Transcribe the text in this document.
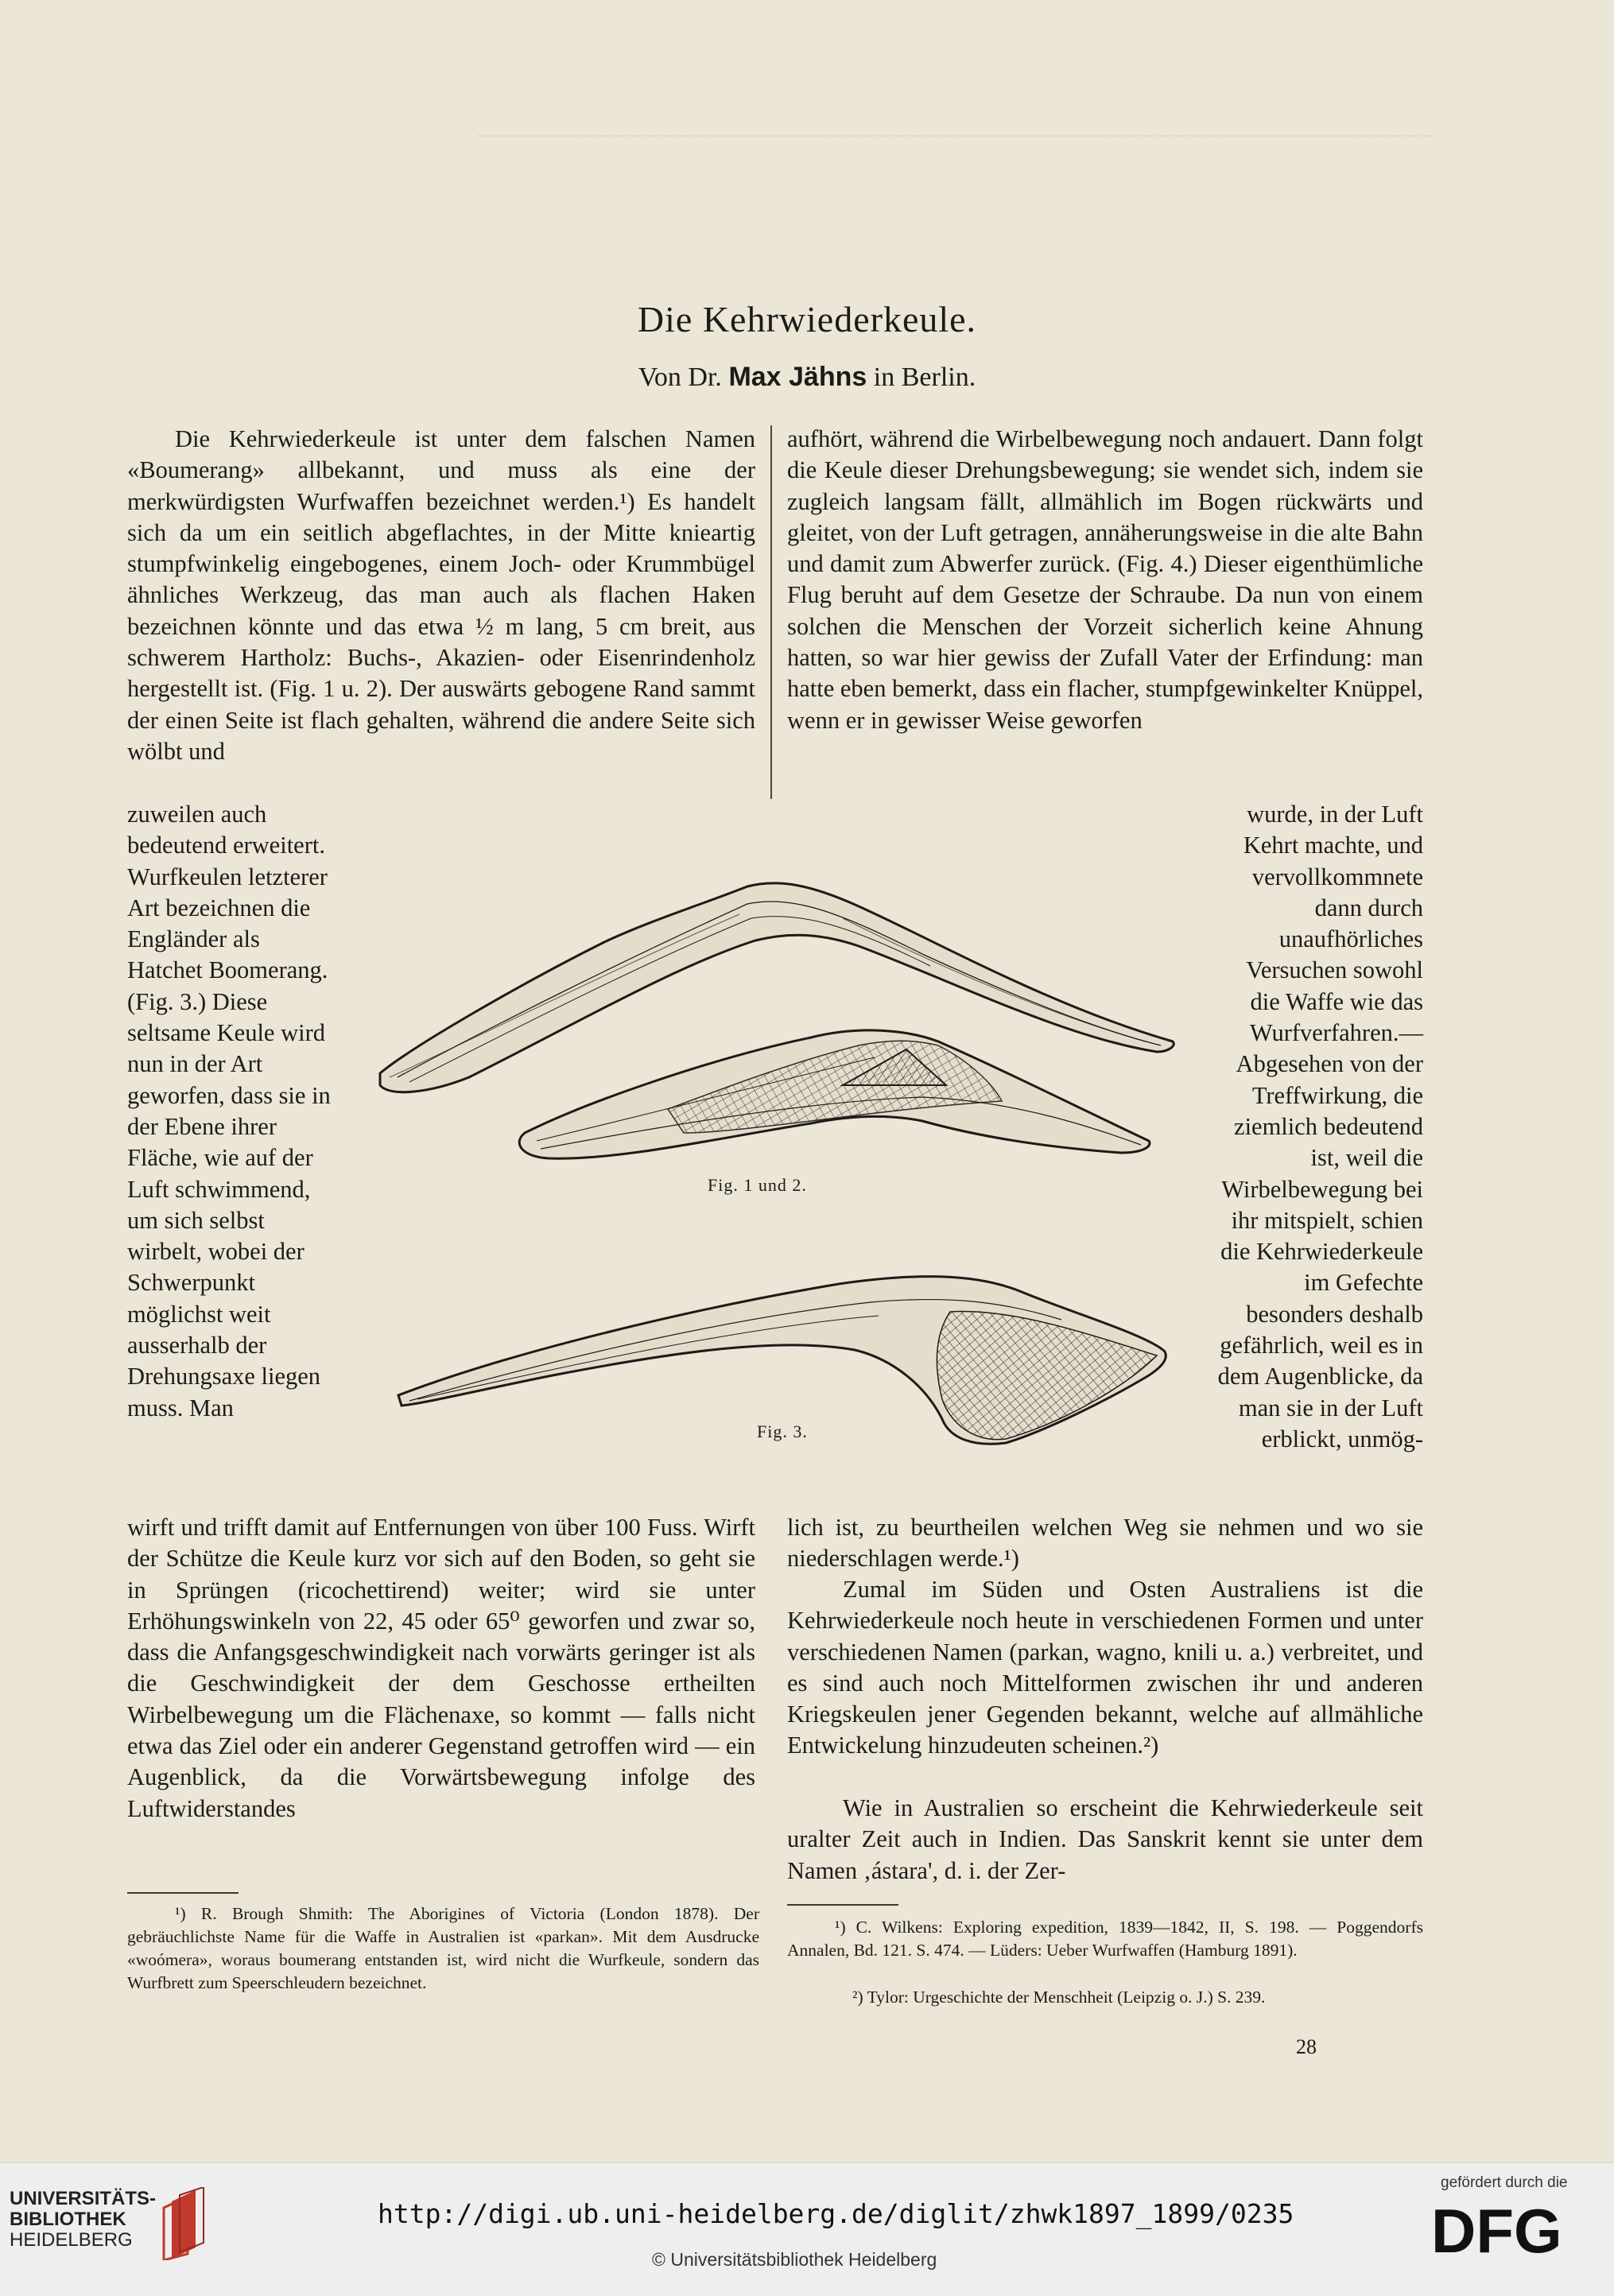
Die Kehrwiederkeule.
Von Dr. Max Jähns in Berlin.

Die Kehrwiederkeule ist unter dem falschen Namen «Boumerang» allbekannt, und muss als eine der merkwürdigsten Wurfwaffen bezeichnet werden.¹) Es handelt sich da um ein seitlich abgeflachtes, in der Mitte knieartig stumpfwinkelig eingebogenes, einem Joch- oder Krummbügel ähnliches Werkzeug, das man auch als flachen Haken bezeichnen könnte und das etwa ½ m lang, 5 cm breit, aus schwerem Hartholz: Buchs-, Akazien- oder Eisenrindenholz hergestellt ist. (Fig. 1 u. 2). Der auswärts gebogene Rand sammt der einen Seite ist flach gehalten, während die andere Seite sich wölbt und

zuweilen auch bedeutend erweitert. Wurfkeulen letzterer Art bezeichnen die Engländer als Hatchet Boomerang. (Fig. 3.) Diese seltsame Keule wird nun in der Art geworfen, dass sie in der Ebene ihrer Fläche, wie auf der Luft schwimmend, um sich selbst wirbelt, wobei der Schwerpunkt möglichst weit ausserhalb der Drehungsaxe liegen muss. Man

wirft und trifft damit auf Entfernungen von über 100 Fuss. Wirft der Schütze die Keule kurz vor sich auf den Boden, so geht sie in Sprüngen (ricochettirend) weiter; wird sie unter Erhöhungswinkeln von 22, 45 oder 65⁰ geworfen und zwar so, dass die Anfangsgeschwindigkeit nach vorwärts geringer ist als die Geschwindigkeit der dem Geschosse ertheilten Wirbelbewegung um die Flächenaxe, so kommt — falls nicht etwa das Ziel oder ein anderer Gegenstand getroffen wird — ein Augenblick, da die Vorwärtsbewegung infolge des Luftwiderstandes

aufhört, während die Wirbelbewegung noch andauert. Dann folgt die Keule dieser Drehungsbewegung; sie wendet sich, indem sie zugleich langsam fällt, allmählich im Bogen rückwärts und gleitet, von der Luft getragen, annäherungsweise in die alte Bahn und damit zum Abwerfer zurück. (Fig. 4.) Dieser eigenthümliche Flug beruht auf dem Gesetze der Schraube. Da nun von einem solchen die Menschen der Vorzeit sicherlich keine Ahnung hatten, so war hier gewiss der Zufall Vater der Erfindung: man hatte eben bemerkt, dass ein flacher, stumpfgewinkelter Knüppel, wenn er in gewisser Weise geworfen

wurde, in der Luft Kehrt machte, und vervollkommnete dann durch unaufhörliches Versuchen sowohl die Waffe wie das Wurfverfahren.— Abgesehen von der Treffwirkung, die ziemlich bedeutend ist, weil die Wirbelbewegung bei ihr mitspielt, schien die Kehrwiederkeule im Gefechte besonders deshalb gefährlich, weil es in dem Augenblicke, da man sie in der Luft erblickt, unmög-

lich ist, zu beurtheilen welchen Weg sie nehmen und wo sie niederschlagen werde.¹)

Zumal im Süden und Osten Australiens ist die Kehrwiederkeule noch heute in verschiedenen Formen und unter verschiedenen Namen (parkan, wagno, knili u. a.) verbreitet, und es sind auch noch Mittelformen zwischen ihr und anderen Kriegskeulen jener Gegenden bekannt, welche auf allmähliche Entwickelung hinzudeuten scheinen.²)

Wie in Australien so erscheint die Kehrwiederkeule seit uralter Zeit auch in Indien. Das Sanskrit kennt sie unter dem Namen ‚ástara', d. i. der Zer-

Fig. 1 und 2.
Fig. 3.

¹) R. Brough Shmith: The Aborigines of Victoria (London 1878). Der gebräuchlichste Name für die Waffe in Australien ist «parkan». Mit dem Ausdrucke «woómera», woraus boumerang entstanden ist, wird nicht die Wurfkeule, sondern das Wurfbrett zum Speerschleudern bezeichnet.

¹) C. Wilkens: Exploring expedition, 1839—1842, II, S. 198. — Poggendorfs Annalen, Bd. 121. S. 474. — Lüders: Ueber Wurfwaffen (Hamburg 1891).

²) Tylor: Urgeschichte der Menschheit (Leipzig o. J.) S. 239.

28
UNIVERSITÄTS-
BIBLIOTHEK
HEIDELBERG
http://digi.ub.uni-heidelberg.de/diglit/zhwk1897_1899/0235
© Universitätsbibliothek Heidelberg
gefördert durch die
DFG
